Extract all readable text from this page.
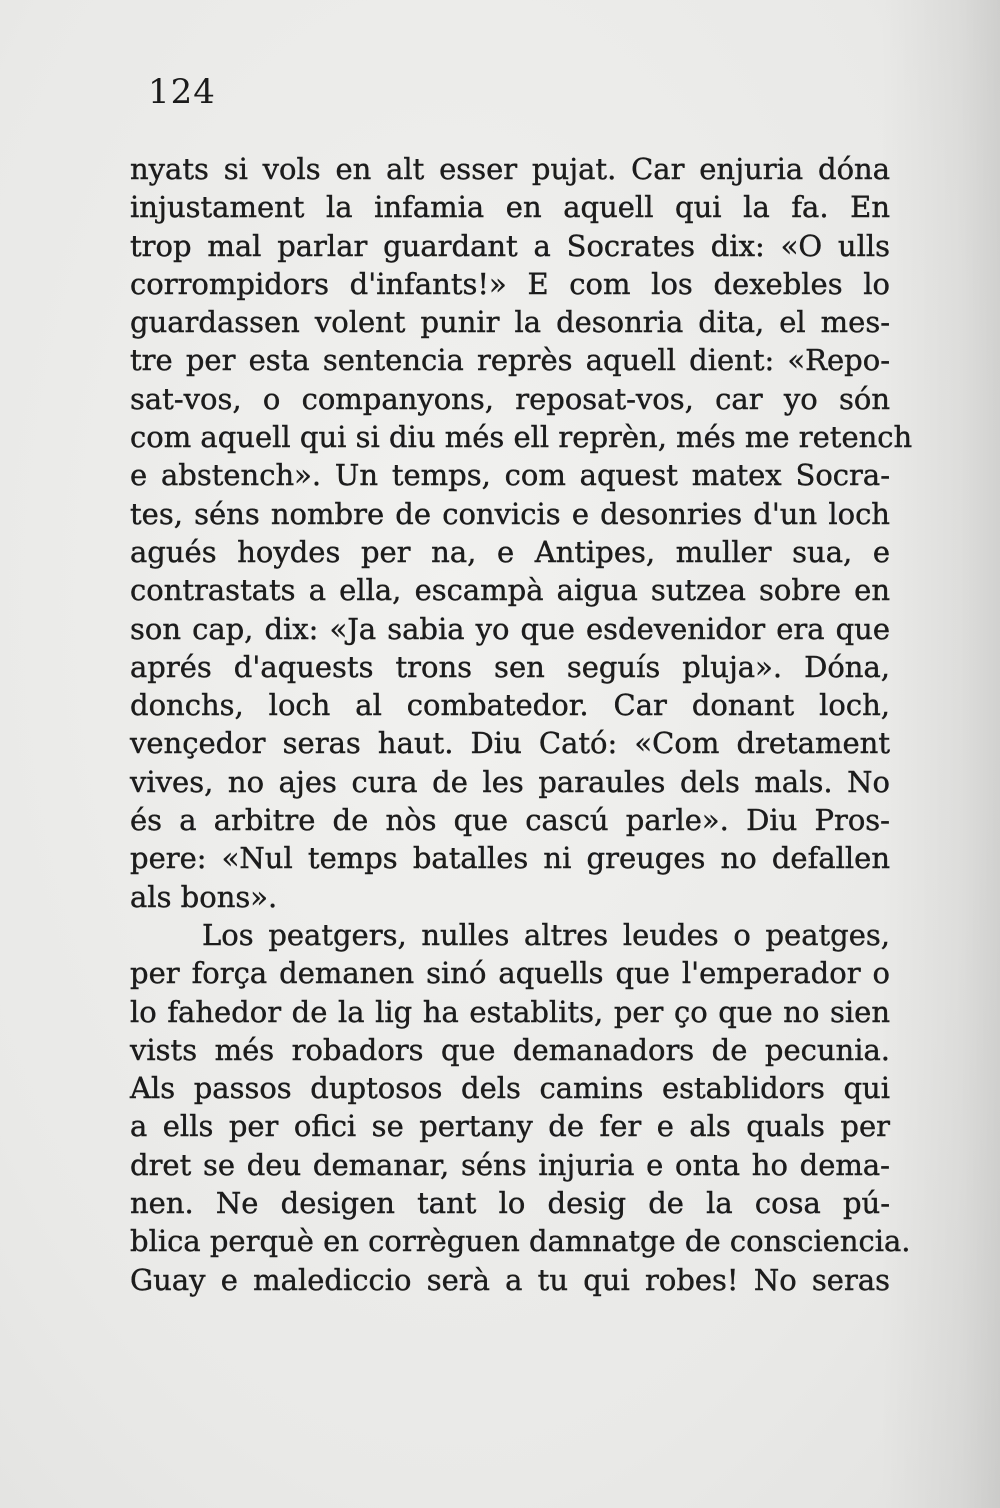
124
nyats si vols en alt esser pujat. Car enjuria dóna
injustament la infamia en aquell qui la fa. En
trop mal parlar guardant a Socrates dix: «O ulls
corrompidors d'infants!» E com los dexebles lo
guardassen volent punir la desonria dita, el mes-
tre per esta sentencia reprès aquell dient: «Repo-
sat-vos, o companyons, reposat-vos, car yo són
com aquell qui si diu més ell reprèn, més me retench
e abstench». Un temps, com aquest matex Socra-
tes, séns nombre de convicis e desonries d'un loch
agués hoydes per na, e Antipes, muller sua, e
contrastats a ella, escampà aigua sutzea sobre en
son cap, dix: «Ja sabia yo que esdevenidor era que
aprés d'aquests trons sen seguís pluja». Dóna,
donchs, loch al combatedor. Car donant loch,
vençedor seras haut. Diu Cató: «Com dretament
vives, no ajes cura de les paraules dels mals. No
és a arbitre de nòs que cascú parle». Diu Pros-
pere: «Nul temps batalles ni greuges no defallen
als bons».
Los peatgers, nulles altres leudes o peatges,
per força demanen sinó aquells que l'emperador o
lo fahedor de la lig ha establits, per ço que no sien
vists més robadors que demanadors de pecunia.
Als passos duptosos dels camins establidors qui
a ells per ofici se pertany de fer e als quals per
dret se deu demanar, séns injuria e onta ho dema-
nen. Ne desigen tant lo desig de la cosa pú-
blica perquè en corrèguen damnatge de consciencia.
Guay e malediccio serà a tu qui robes! No seras
